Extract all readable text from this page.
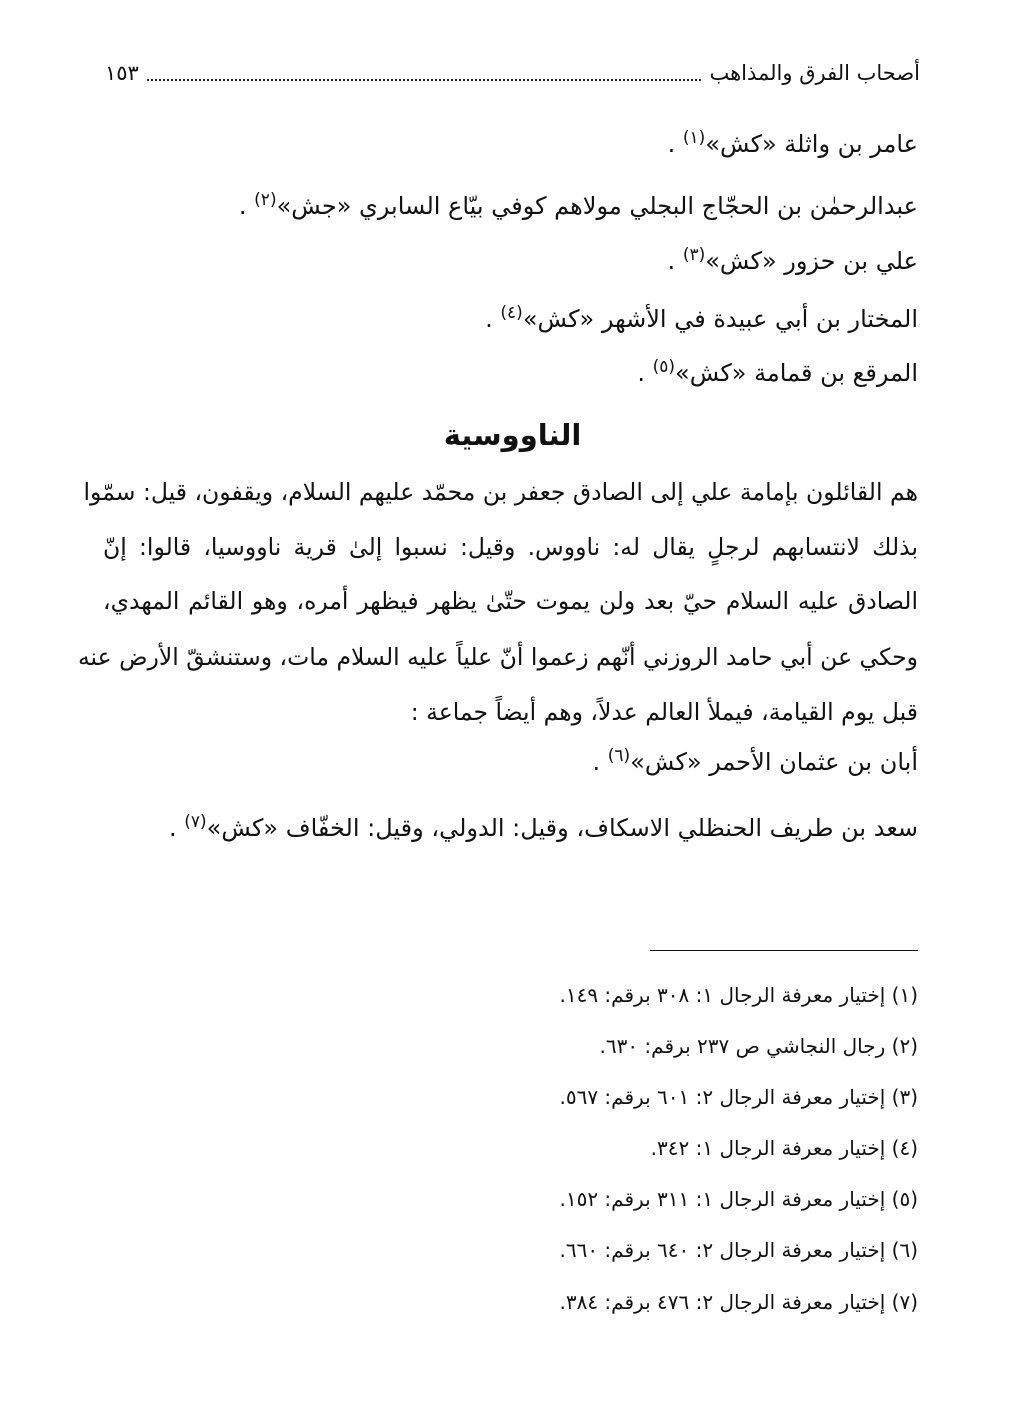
أصحاب الفرق والمذاهب
١٥٣
عامر بن واثلة «كش»$^{(١)}$ .
عبدالرحمٰن بن الحجّاج البجلي مولاهم كوفي بيّاع السابري «جش»$^{(٢)}$ .
علي بن حزور «كش»$^{(٣)}$ .
المختار بن أبي عبيدة في الأشهر «كش»$^{(٤)}$ .
المرقع بن قمامة «كش»$^{(٥)}$ .
الناووسية
هم القائلون بإمامة علي إلى الصادق جعفر بن محمّد عليهم السلام، ويقفون، قيل: سمّوا
بذلك لانتسابهم لرجلٍ يقال له: ناووس. وقيل: نسبوا إلىٰ قرية ناووسيا، قالوا: إنّ
الصادق عليه السلام حيّ بعد ولن يموت حتّىٰ يظهر فيظهر أمره، وهو القائم المهدي،
وحكي عن أبي حامد الروزني أنّهم زعموا أنّ علياً عليه السلام مات، وستنشقّ الأرض عنه
قبل يوم القيامة، فيملأ العالم عدلاً، وهم أيضاً جماعة :
أبان بن عثمان الأحمر «كش»$^{(٦)}$ .
سعد بن طريف الحنظلي الاسكاف، وقيل: الدولي، وقيل: الخفّاف «كش»$^{(٧)}$ .
(١) إختيار معرفة الرجال ١: ٣٠٨ برقم: ١٤٩.
(٢) رجال النجاشي ص ٢٣٧ برقم: ٦٣٠.
(٣) إختيار معرفة الرجال ٢: ٦٠١ برقم: ٥٦٧.
(٤) إختيار معرفة الرجال ١: ٣٤٢.
(٥) إختيار معرفة الرجال ١: ٣١١ برقم: ١٥٢.
(٦) إختيار معرفة الرجال ٢: ٦٤٠ برقم: ٦٦٠.
(٧) إختيار معرفة الرجال ٢: ٤٧٦ برقم: ٣٨٤.
